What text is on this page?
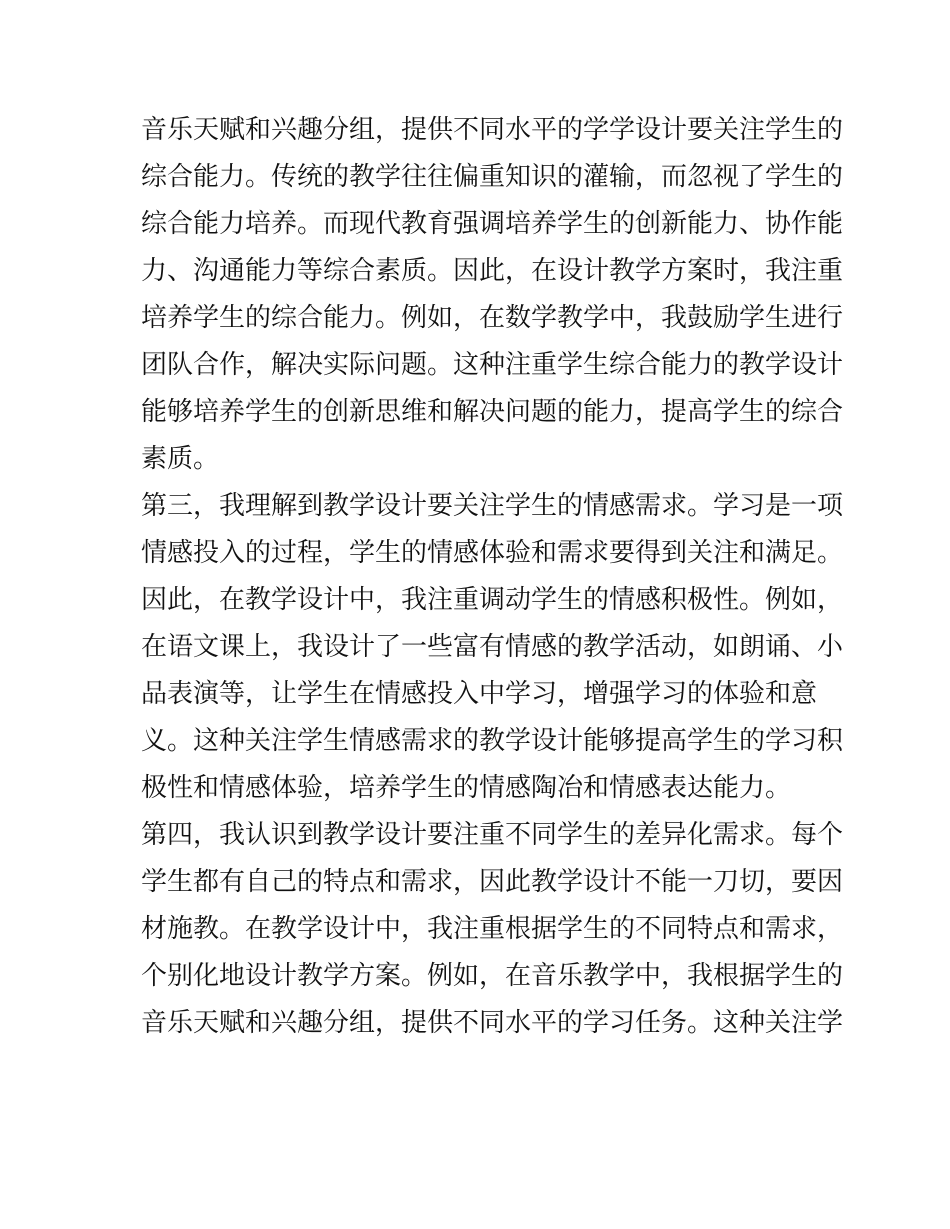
音乐天赋和兴趣分组，提供不同水平的学学设计要关注学生的
综合能力。传统的教学往往偏重知识的灌输，而忽视了学生的
综合能力培养。而现代教育强调培养学生的创新能力、协作能
力、沟通能力等综合素质。因此，在设计教学方案时，我注重
培养学生的综合能力。例如，在数学教学中，我鼓励学生进行
团队合作，解决实际问题。这种注重学生综合能力的教学设计
能够培养学生的创新思维和解决问题的能力，提高学生的综合
素质。
第三，我理解到教学设计要关注学生的情感需求。学习是一项
情感投入的过程，学生的情感体验和需求要得到关注和满足。
因此，在教学设计中，我注重调动学生的情感积极性。例如，
在语文课上，我设计了一些富有情感的教学活动，如朗诵、小
品表演等，让学生在情感投入中学习，增强学习的体验和意
义。这种关注学生情感需求的教学设计能够提高学生的学习积
极性和情感体验，培养学生的情感陶冶和情感表达能力。
第四，我认识到教学设计要注重不同学生的差异化需求。每个
学生都有自己的特点和需求，因此教学设计不能一刀切，要因
材施教。在教学设计中，我注重根据学生的不同特点和需求，
个别化地设计教学方案。例如，在音乐教学中，我根据学生的
音乐天赋和兴趣分组，提供不同水平的学习任务。这种关注学
